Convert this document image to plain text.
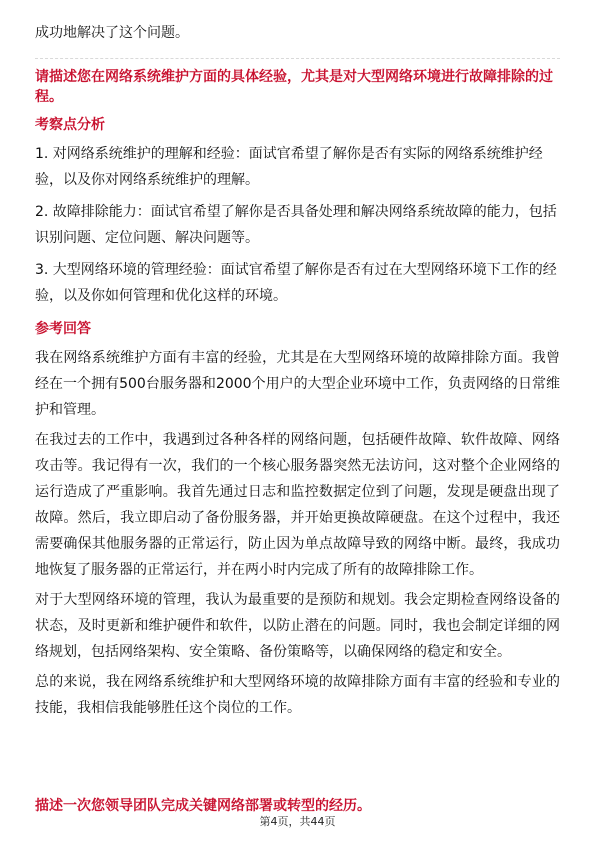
成功地解决了这个问题。

请描述您在网络系统维护方面的具体经验，尤其是对大型网络环境进行故障排除的过程。

考察点分析

1. 对网络系统维护的理解和经验：面试官希望了解你是否有实际的网络系统维护经验，以及你对网络系统维护的理解。

2. 故障排除能力：面试官希望了解你是否具备处理和解决网络系统故障的能力，包括识别问题、定位问题、解决问题等。

3. 大型网络环境的管理经验：面试官希望了解你是否有过在大型网络环境下工作的经验，以及你如何管理和优化这样的环境。

参考回答

我在网络系统维护方面有丰富的经验，尤其是在大型网络环境的故障排除方面。我曾经在一个拥有500台服务器和2000个用户的大型企业环境中工作，负责网络的日常维护和管理。

在我过去的工作中，我遇到过各种各样的网络问题，包括硬件故障、软件故障、网络攻击等。我记得有一次，我们的一个核心服务器突然无法访问，这对整个企业网络的运行造成了严重影响。我首先通过日志和监控数据定位到了问题，发现是硬盘出现了故障。然后，我立即启动了备份服务器，并开始更换故障硬盘。在这个过程中，我还需要确保其他服务器的正常运行，防止因为单点故障导致的网络中断。最终，我成功地恢复了服务器的正常运行，并在两小时内完成了所有的故障排除工作。

对于大型网络环境的管理，我认为最重要的是预防和规划。我会定期检查网络设备的状态，及时更新和维护硬件和软件，以防止潜在的问题。同时，我也会制定详细的网络规划，包括网络架构、安全策略、备份策略等，以确保网络的稳定和安全。

总的来说，我在网络系统维护和大型网络环境的故障排除方面有丰富的经验和专业的技能，我相信我能够胜任这个岗位的工作。

描述一次您领导团队完成关键网络部署或转型的经历。

第4页，共44页
